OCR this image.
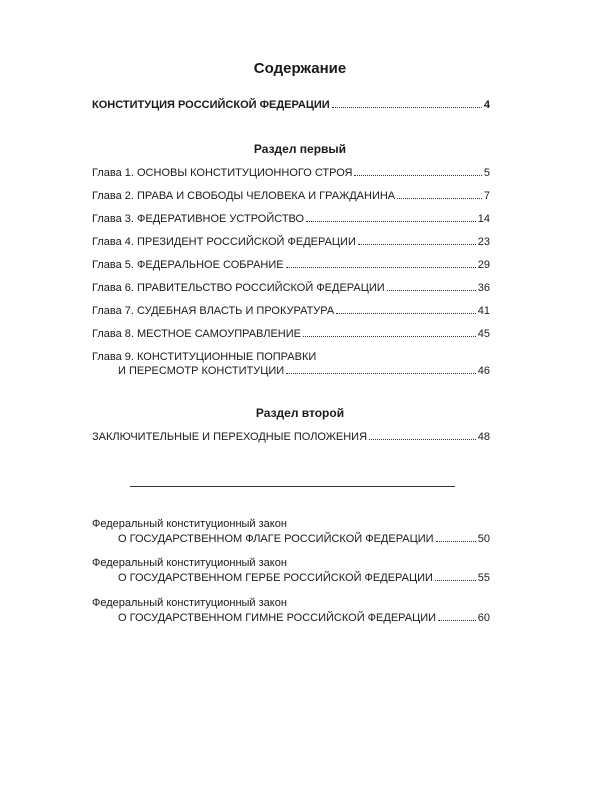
Содержание
КОНСТИТУЦИЯ РОССИЙСКОЙ ФЕДЕРАЦИИ	4
Раздел первый
Глава 1. ОСНОВЫ КОНСТИТУЦИОННОГО СТРОЯ	5
Глава 2. ПРАВА И СВОБОДЫ ЧЕЛОВЕКА И ГРАЖДАНИНА	7
Глава 3. ФЕДЕРАТИВНОЕ УСТРОЙСТВО	14
Глава 4. ПРЕЗИДЕНТ РОССИЙСКОЙ ФЕДЕРАЦИИ	23
Глава 5. ФЕДЕРАЛЬНОЕ СОБРАНИЕ	29
Глава 6. ПРАВИТЕЛЬСТВО РОССИЙСКОЙ ФЕДЕРАЦИИ	36
Глава 7. СУДЕБНАЯ ВЛАСТЬ И ПРОКУРАТУРА	41
Глава 8. МЕСТНОЕ САМОУПРАВЛЕНИЕ	45
Глава 9. КОНСТИТУЦИОННЫЕ ПОПРАВКИ
И ПЕРЕСМОТР КОНСТИТУЦИИ	46
Раздел второй
ЗАКЛЮЧИТЕЛЬНЫЕ И ПЕРЕХОДНЫЕ ПОЛОЖЕНИЯ	48
Федеральный конституционный закон
О ГОСУДАРСТВЕННОМ ФЛАГЕ РОССИЙСКОЙ ФЕДЕРАЦИИ	50
Федеральный конституционный закон
О ГОСУДАРСТВЕННОМ ГЕРБЕ РОССИЙСКОЙ ФЕДЕРАЦИИ	55
Федеральный конституционный закон
О ГОСУДАРСТВЕННОМ ГИМНЕ РОССИЙСКОЙ ФЕДЕРАЦИИ	60
